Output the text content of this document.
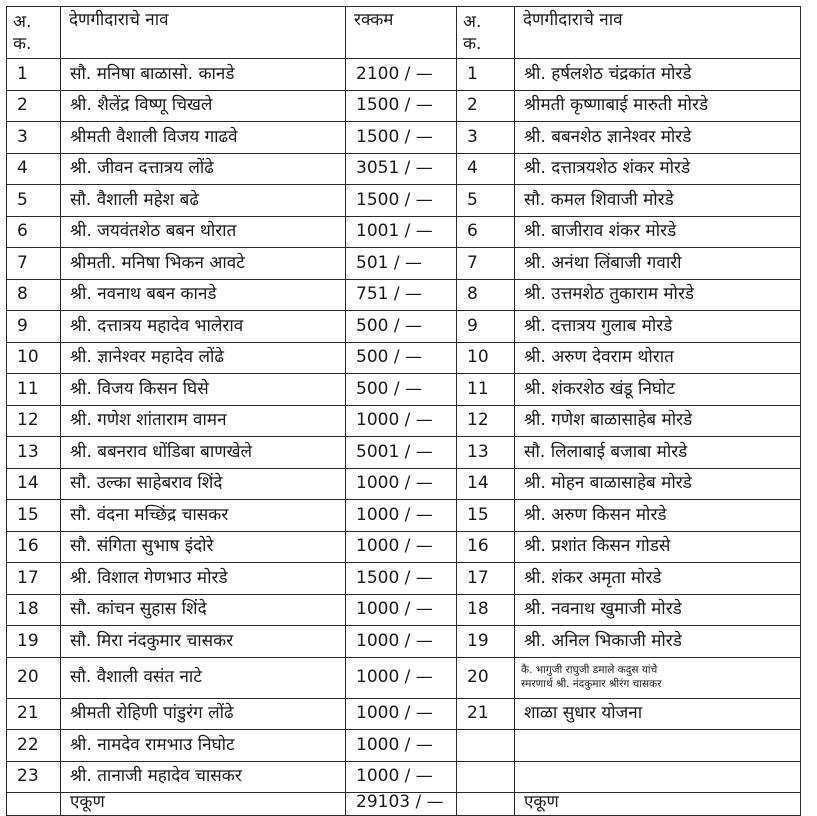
अ.
क.	देणगीदाराचे नाव	रक्कम	अ.
क.	देणगीदाराचे नाव
1	सौ. मनिषा बाळासो. कानडे	2100 / —	1	श्री. हर्षलशेठ चंद्रकांत मोरडे
2	श्री. शैलेंद्र विष्णू चिखले	1500 / —	2	श्रीमती कृष्णाबाई मारुती मोरडे
3	श्रीमती वैशाली विजय गाढवे	1500 / —	3	श्री. बबनशेठ ज्ञानेश्वर मोरडे
4	श्री. जीवन दत्तात्रय लोंढे	3051 / —	4	श्री. दत्तात्रयशेठ शंकर मोरडे
5	सौ. वैशाली महेश बढे	1500 / —	5	सौ. कमल शिवाजी मोरडे
6	श्री. जयवंतशेठ बबन थोरात	1001 / —	6	श्री. बाजीराव शंकर मोरडे
7	श्रीमती. मनिषा भिकन आवटे	501 / —	7	श्री. अनंथा लिंबाजी गवारी
8	श्री. नवनाथ बबन कानडे	751 / —	8	श्री. उत्तमशेठ तुकाराम मोरडे
9	श्री. दत्तात्रय महादेव भालेराव	500 / —	9	श्री. दत्तात्रय गुलाब मोरडे
10	श्री. ज्ञानेश्वर महादेव लोंढे	500 / —	10	श्री. अरुण देवराम थोरात
11	श्री. विजय किसन घिसे	500 / —	11	श्री. शंकरशेठ खंडू निघोट
12	श्री. गणेश शांताराम वामन	1000 / —	12	श्री. गणेश बाळासाहेब मोरडे
13	श्री. बबनराव धोंडिबा बाणखेले	5001 / —	13	सौ. लिलाबाई बजाबा मोरडे
14	सौ. उल्का साहेबराव शिंदे	1000 / —	14	श्री. मोहन बाळासाहेब मोरडे
15	सौ. वंदना मच्छिंद्र चासकर	1000 / —	15	श्री. अरुण किसन मोरडे
16	सौ. संगिता सुभाष इंदोरे	1000 / —	16	श्री. प्रशांत किसन गोडसे
17	श्री. विशाल गेणभाउ मोरडे	1500 / —	17	श्री. शंकर अमृता मोरडे
18	सौ. कांचन सुहास शिंदे	1000 / —	18	श्री. नवनाथ खुमाजी मोरडे
19	सौ. मिरा नंदकुमार चासकर	1000 / —	19	श्री. अनिल भिकाजी मोरडे
20	सौ. वैशाली वसंत नाटे	1000 / —	20	कै. भागुजी राघुजी डमाले कदुस यांचे
स्मरणार्थ श्री. नंदकुमार श्रीरंग चासकर
21	श्रीमती रोहिणी पांडुरंग लोंढे	1000 / —	21	शाळा सुधार योजना
22	श्री. नामदेव रामभाउ निघोट	1000 / —		
23	श्री. तानाजी महादेव चासकर	1000 / —		
	एकूण	29103 / —		एकूण
